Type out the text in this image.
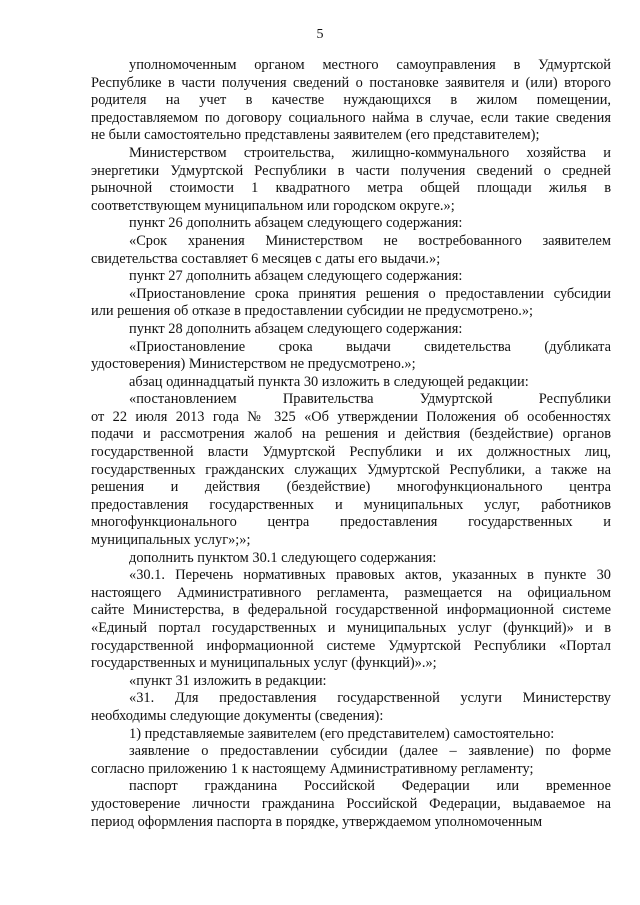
5
уполномоченным органом местного самоуправления в Удмуртской
Республике в части получения сведений о постановке заявителя и (или) второго
родителя на учет в качестве нуждающихся в жилом помещении,
предоставляемом по договору социального найма в случае, если такие сведения
не были самостоятельно представлены заявителем (его представителем);
Министерством строительства, жилищно-коммунального хозяйства и
энергетики Удмуртской Республики в части получения сведений о средней
рыночной стоимости 1 квадратного метра общей площади жилья в
соответствующем муниципальном или городском округе.»;
пункт 26 дополнить абзацем следующего содержания:
«Срок хранения Министерством не востребованного заявителем
свидетельства составляет 6 месяцев с даты его выдачи.»;
пункт 27 дополнить абзацем следующего содержания:
«Приостановление срока принятия решения о предоставлении субсидии
или решения об отказе в предоставлении субсидии не предусмотрено.»;
пункт 28 дополнить абзацем следующего содержания:
«Приостановление срока выдачи свидетельства (дубликата
удостоверения) Министерством не предусмотрено.»;
абзац одиннадцатый пункта 30 изложить в следующей редакции:
«постановлением Правительства Удмуртской Республики
от 22 июля 2013 года № 325 «Об утверждении Положения об особенностях
подачи и рассмотрения жалоб на решения и действия (бездействие) органов
государственной власти Удмуртской Республики и их должностных лиц,
государственных гражданских служащих Удмуртской Республики, а также на
решения и действия (бездействие) многофункционального центра
предоставления государственных и муниципальных услуг, работников
многофункционального центра предоставления государственных и
муниципальных услуг»;»;
дополнить пунктом 30.1 следующего содержания:
«30.1. Перечень нормативных правовых актов, указанных в пункте 30
настоящего Административного регламента, размещается на официальном
сайте Министерства, в федеральной государственной информационной системе
«Единый портал государственных и муниципальных услуг (функций)» и в
государственной информационной системе Удмуртской Республики «Портал
государственных и муниципальных услуг (функций)».»;
«пункт 31 изложить в редакции:
«31. Для предоставления государственной услуги Министерству
необходимы следующие документы (сведения):
1) представляемые заявителем (его представителем) самостоятельно:
заявление о предоставлении субсидии (далее – заявление) по форме
согласно приложению 1 к настоящему Административному регламенту;
паспорт гражданина Российской Федерации или временное
удостоверение личности гражданина Российской Федерации, выдаваемое на
период оформления паспорта в порядке, утверждаемом уполномоченным
